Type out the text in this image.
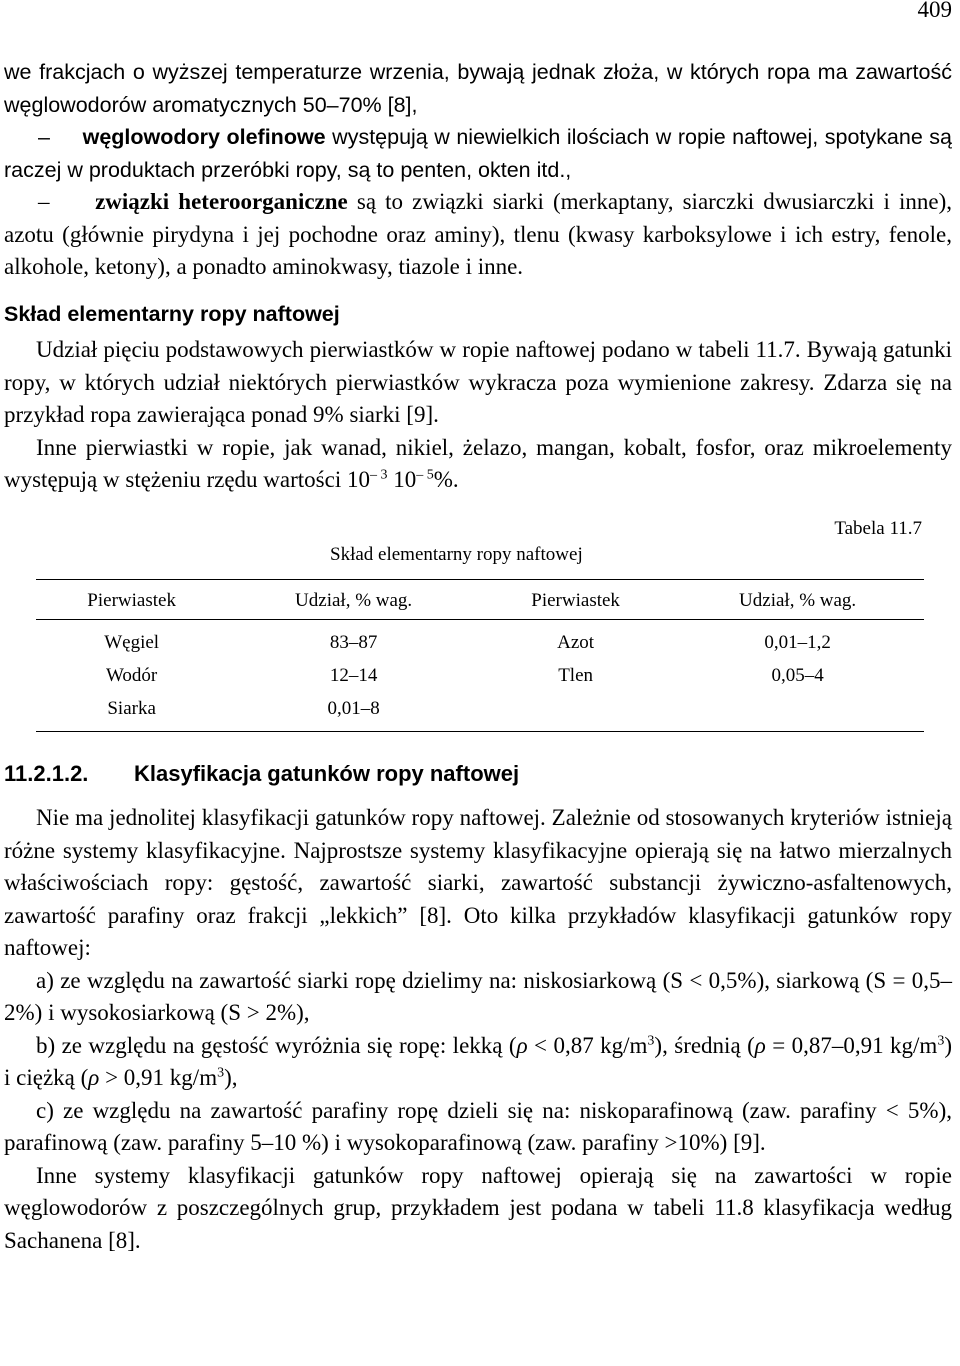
409

we frakcjach o wyższej temperaturze wrzenia, bywają jednak złoża, w których ropa ma zawartość węglowodorów aromatycznych 50–70% [8],

– węglowodory olefinowe występują w niewielkich ilościach w ropie naftowej, spotykane są raczej w produktach przeróbki ropy, są to penten, okten itd.,

– związki heteroorganiczne są to związki siarki (merkaptany, siarczki dwusiarczki i inne), azotu (głównie pirydyna i jej pochodne oraz aminy), tlenu (kwasy karboksylowe i ich estry, fenole, alkohole, ketony), a ponadto aminokwasy, tiazole i inne.

Skład elementarny ropy naftowej

Udział pięciu podstawowych pierwiastków w ropie naftowej podano w tabeli 11.7. Bywają gatunki ropy, w których udział niektórych pierwiastków wykracza poza wymienione zakresy. Zdarza się na przykład ropa zawierająca ponad 9% siarki [9].

Inne pierwiastki w ropie, jak wanad, nikiel, żelazo, mangan, kobalt, fosfor, oraz mikroelementy występują w stężeniu rzędu wartości $10^{- 3}$ $10^{- 5}\%$.

Tabela 11.7
Skład elementarny ropy naftowej
Pierwiastek	Udział, % wag.	Pierwiastek	Udział, % wag.
Węgiel	83–87	Azot	0,01–1,2
Wodór	12–14	Tlen	0,05–4
Siarka	0,01–8		
11.2.1.2. Klasyfikacja gatunków ropy naftowej

Nie ma jednolitej klasyfikacji gatunków ropy naftowej. Zależnie od stosowanych kryteriów istnieją różne systemy klasyfikacyjne. Najprostsze systemy klasyfikacyjne opierają się na łatwo mierzalnych właściwościach ropy: gęstość, zawartość siarki, zawartość substancji żywiczno-asfaltenowych, zawartość parafiny oraz frakcji „lekkich” [8]. Oto kilka przykładów klasyfikacji gatunków ropy naftowej:

a) ze względu na zawartość siarki ropę dzielimy na: niskosiarkową (S < 0,5%), siarkową (S = 0,5–2%) i wysokosiarkową (S > 2%),

b) ze względu na gęstość wyróżnia się ropę: lekką (ρ < 0,87 $kg/m^3$), średnią (ρ = 0,87–0,91 $kg/m^3$) i ciężką (ρ > 0,91 $kg/m^3$),

c) ze względu na zawartość parafiny ropę dzieli się na: niskoparafinową (zaw. parafiny < 5%), parafinową (zaw. parafiny 5–10 %) i wysokoparafinową (zaw. parafiny >10%) [9].

Inne systemy klasyfikacji gatunków ropy naftowej opierają się na zawartości w ropie węglowodorów z poszczególnych grup, przykładem jest podana w tabeli 11.8 klasyfikacja według Sachanena [8].
